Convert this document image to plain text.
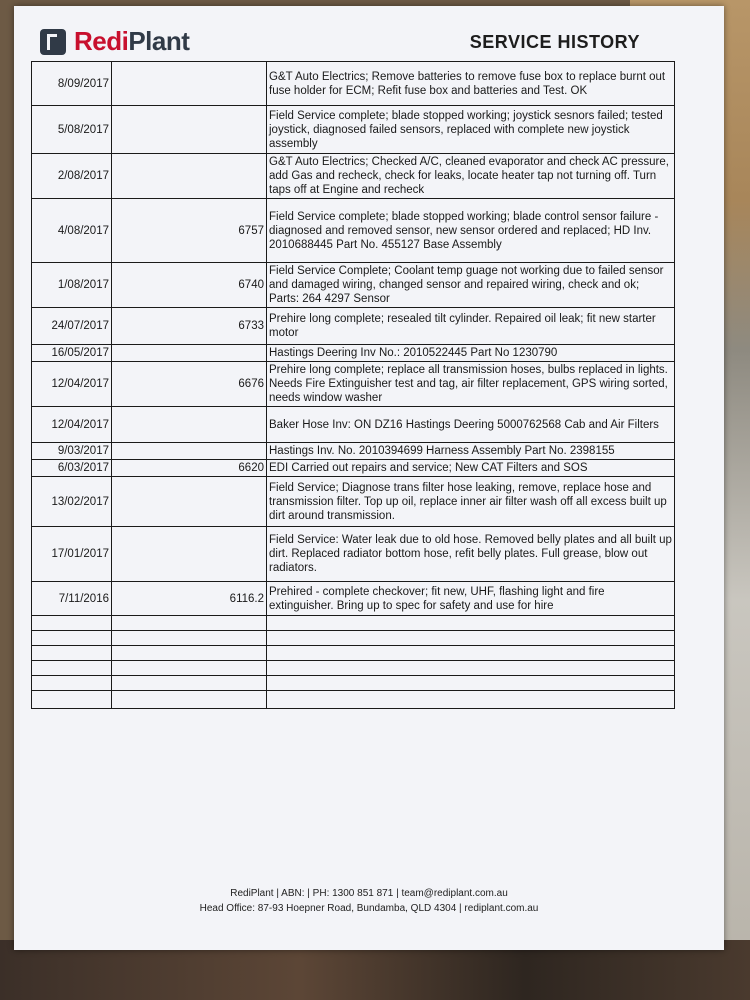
RediPlant	SERVICE HISTORY
8/09/2017		G&T Auto Electrics; Remove batteries to remove fuse box to replace burnt out fuse holder for ECM; Refit fuse box and batteries and Test. OK
5/08/2017		Field Service complete; blade stopped working; joystick sesnors failed; tested joystick, diagnosed failed sensors, replaced with complete new joystick assembly
2/08/2017		G&T Auto Electrics; Checked A/C, cleaned evaporator and check AC pressure, add Gas and recheck, check for leaks, locate heater tap not turning off. Turn taps off at Engine and recheck
4/08/2017	6757	Field Service complete; blade stopped working; blade control sensor failure - diagnosed and removed sensor, new sensor ordered and replaced; HD Inv. 2010688445 Part No. 455127 Base Assembly
1/08/2017	6740	Field Service Complete; Coolant temp guage not working due to failed sensor and damaged wiring, changed sensor and repaired wiring, check and ok; Parts: 264 4297 Sensor
24/07/2017	6733	Prehire long complete; resealed tilt cylinder. Repaired oil leak; fit new starter motor
16/05/2017		Hastings Deering Inv No.: 2010522445 Part No 1230790
12/04/2017	6676	Prehire long complete; replace all transmission hoses, bulbs replaced in lights. Needs Fire Extinguisher test and tag, air filter replacement, GPS wiring sorted, needs window washer
12/04/2017		Baker Hose Inv: ON DZ16 Hastings Deering 5000762568 Cab and Air Filters
9/03/2017		Hastings Inv. No. 2010394699 Harness Assembly Part No. 2398155
6/03/2017	6620	EDI Carried out repairs and service; New CAT Filters and SOS
13/02/2017		Field Service; Diagnose trans filter hose leaking, remove, replace hose and transmission filter. Top up oil, replace inner air filter wash off all excess built up dirt around transmission.
17/01/2017		Field Service: Water leak due to old hose. Removed belly plates and all built up dirt. Replaced radiator bottom hose, refit belly plates. Full grease, blow out radiators.
7/11/2016	6116.2	Prehired - complete checkover; fit new, UHF, flashing light and fire extinguisher. Bring up to spec for safety and use for hire

RediPlant | ABN: | PH: 1300 851 871 | team@rediplant.com.au
Head Office: 87-93 Hoepner Road, Bundamba, QLD 4304 | rediplant.com.au
